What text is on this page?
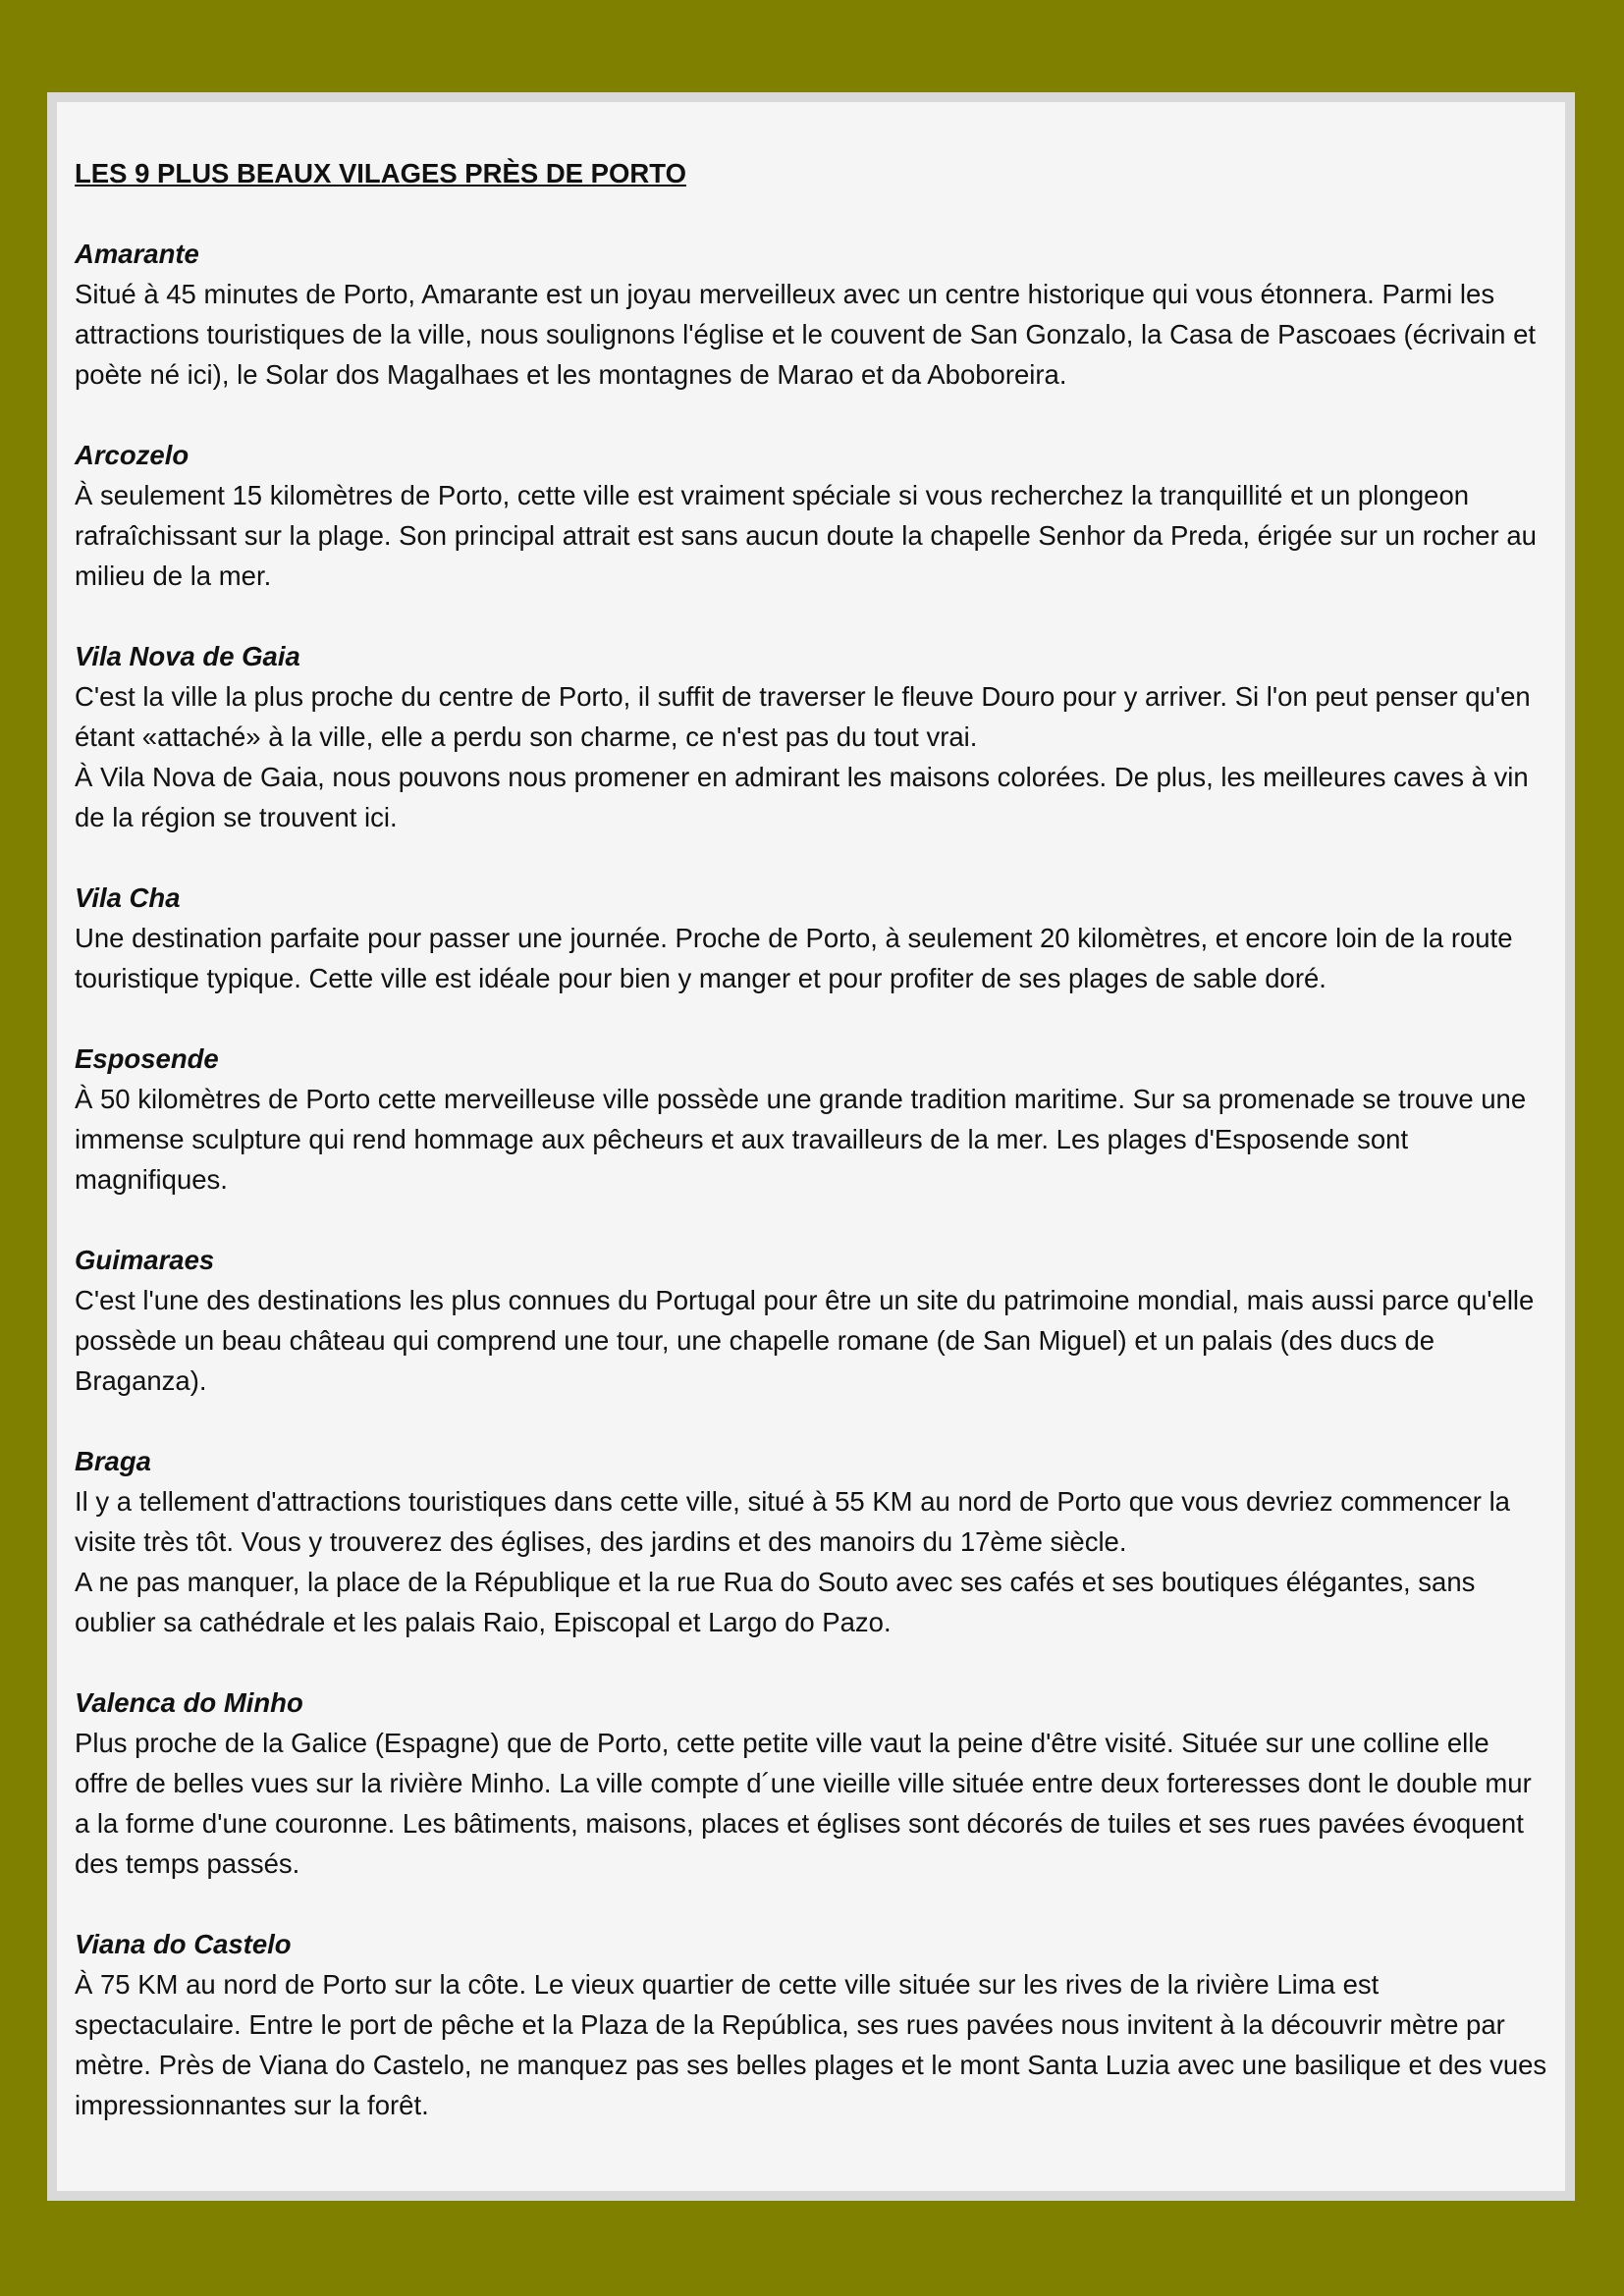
LES 9 PLUS BEAUX VILAGES PRÈS DE PORTO
Amarante

Situé à 45 minutes de Porto, Amarante est un joyau merveilleux avec un centre historique qui vous étonnera. Parmi les attractions touristiques de la ville, nous soulignons l'église et le couvent de San Gonzalo, la Casa de Pascoaes (écrivain et poète né ici), le Solar dos Magalhaes et les montagnes de Marao et da Aboboreira.

Arcozelo

À seulement 15 kilomètres de Porto, cette ville est vraiment spéciale si vous recherchez la tranquillité et un plongeon rafraîchissant sur la plage. Son principal attrait est sans aucun doute la chapelle Senhor da Preda, érigée sur un rocher au milieu de la mer.

Vila Nova de Gaia

C'est la ville la plus proche du centre de Porto, il suffit de traverser le fleuve Douro pour y arriver. Si l'on peut penser qu'en étant «attaché» à la ville, elle a perdu son charme, ce n'est pas du tout vrai.

À Vila Nova de Gaia, nous pouvons nous promener en admirant les maisons colorées. De plus, les meilleures caves à vin de la région se trouvent ici.

Vila Cha

Une destination parfaite pour passer une journée. Proche de Porto, à seulement 20 kilomètres, et encore loin de la route touristique typique. Cette ville est idéale pour bien y manger et pour profiter de ses plages de sable doré.

Esposende

À 50 kilomètres de Porto cette merveilleuse ville possède une grande tradition maritime. Sur sa promenade se trouve une immense sculpture qui rend hommage aux pêcheurs et aux travailleurs de la mer. Les plages d'Esposende sont magnifiques.

Guimaraes

C'est l'une des destinations les plus connues du Portugal pour être un site du patrimoine mondial, mais aussi parce qu'elle possède un beau château qui comprend une tour, une chapelle romane (de San Miguel) et un palais (des ducs de Braganza).

Braga

Il y a tellement d'attractions touristiques dans cette ville, situé à 55 KM au nord de Porto que vous devriez commencer la visite très tôt. Vous y trouverez des églises, des jardins et des manoirs du 17ème siècle.

A ne pas manquer, la place de la République et la rue Rua do Souto avec ses cafés et ses boutiques élégantes, sans oublier sa cathédrale et les palais Raio, Episcopal et Largo do Pazo.

Valenca do Minho

Plus proche de la Galice (Espagne) que de Porto, cette petite ville vaut la peine d'être visité. Située sur une colline elle offre de belles vues sur la rivière Minho. La ville compte d´une vieille ville située entre deux forteresses dont le double mur a la forme d'une couronne. Les bâtiments, maisons, places et églises sont décorés de tuiles et ses rues pavées évoquent des temps passés.

Viana do Castelo

À 75 KM au nord de Porto sur la côte. Le vieux quartier de cette ville située sur les rives de la rivière Lima est spectaculaire. Entre le port de pêche et la Plaza de la República, ses rues pavées nous invitent à la découvrir mètre par mètre. Près de Viana do Castelo, ne manquez pas ses belles plages et le mont Santa Luzia avec une basilique et des vues impressionnantes sur la forêt.
